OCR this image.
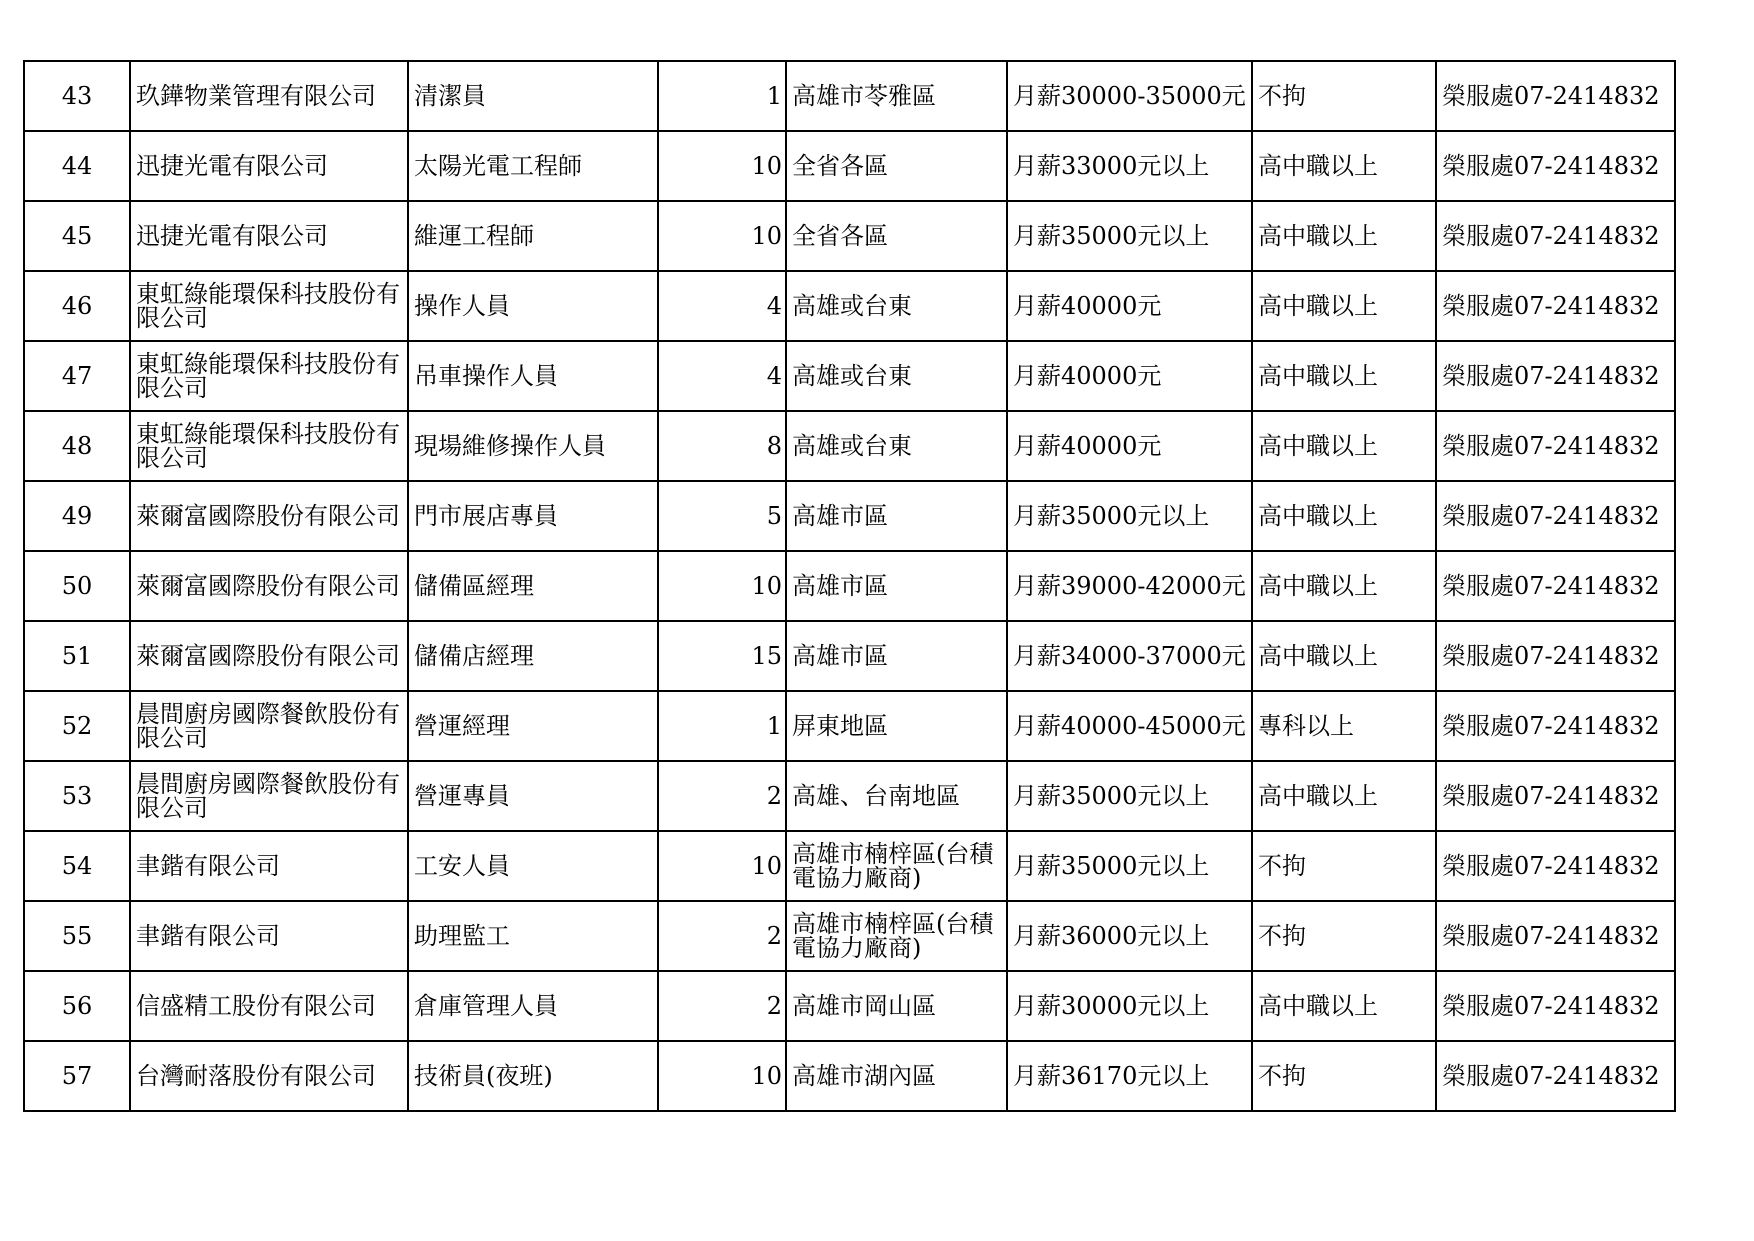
43	玖鏵物業管理有限公司	清潔員	1	高雄市苓雅區	月薪30000-35000元	不拘	榮服處07-2414832
44	迅捷光電有限公司	太陽光電工程師	10	全省各區	月薪33000元以上	高中職以上	榮服處07-2414832
45	迅捷光電有限公司	維運工程師	10	全省各區	月薪35000元以上	高中職以上	榮服處07-2414832
46	東虹綠能環保科技股份有限公司	操作人員	4	高雄或台東	月薪40000元	高中職以上	榮服處07-2414832
47	東虹綠能環保科技股份有限公司	吊車操作人員	4	高雄或台東	月薪40000元	高中職以上	榮服處07-2414832
48	東虹綠能環保科技股份有限公司	現場維修操作人員	8	高雄或台東	月薪40000元	高中職以上	榮服處07-2414832
49	萊爾富國際股份有限公司	門市展店專員	5	高雄市區	月薪35000元以上	高中職以上	榮服處07-2414832
50	萊爾富國際股份有限公司	儲備區經理	10	高雄市區	月薪39000-42000元	高中職以上	榮服處07-2414832
51	萊爾富國際股份有限公司	儲備店經理	15	高雄市區	月薪34000-37000元	高中職以上	榮服處07-2414832
52	晨間廚房國際餐飲股份有限公司	營運經理	1	屏東地區	月薪40000-45000元	專科以上	榮服處07-2414832
53	晨間廚房國際餐飲股份有限公司	營運專員	2	高雄、台南地區	月薪35000元以上	高中職以上	榮服處07-2414832
54	聿鍇有限公司	工安人員	10	高雄市楠梓區(台積電協力廠商)	月薪35000元以上	不拘	榮服處07-2414832
55	聿鍇有限公司	助理監工	2	高雄市楠梓區(台積電協力廠商)	月薪36000元以上	不拘	榮服處07-2414832
56	信盛精工股份有限公司	倉庫管理人員	2	高雄市岡山區	月薪30000元以上	高中職以上	榮服處07-2414832
57	台灣耐落股份有限公司	技術員(夜班)	10	高雄市湖內區	月薪36170元以上	不拘	榮服處07-2414832
